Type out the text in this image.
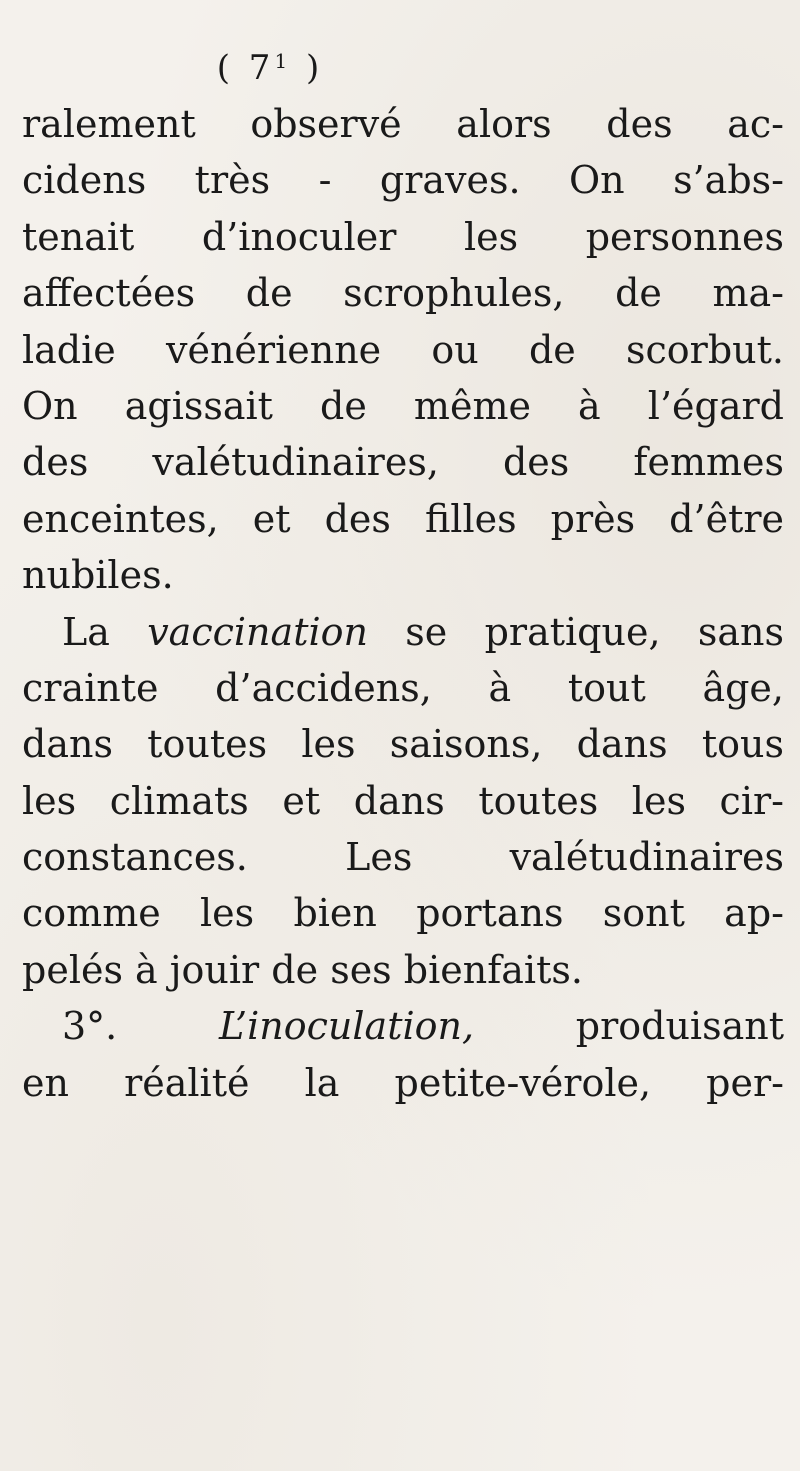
( $7^1$ )
ralement observé alors des ac-
cidens très - graves. On s’abs-
tenait d’inoculer les personnes
affectées de scrophules, de ma-
ladie vénérienne ou de scorbut.
On agissait de même à l’égard
des valétudinaires, des femmes
enceintes, et des filles près d’être
nubiles.
La vaccination se pratique, sans
crainte d’accidens, à tout âge,
dans toutes les saisons, dans tous
les climats et dans toutes les cir-
constances. Les valétudinaires
comme les bien portans sont ap-
pelés à jouir de ses bienfaits.
3°. L’inoculation, produisant
en réalité la petite-vérole, per-
